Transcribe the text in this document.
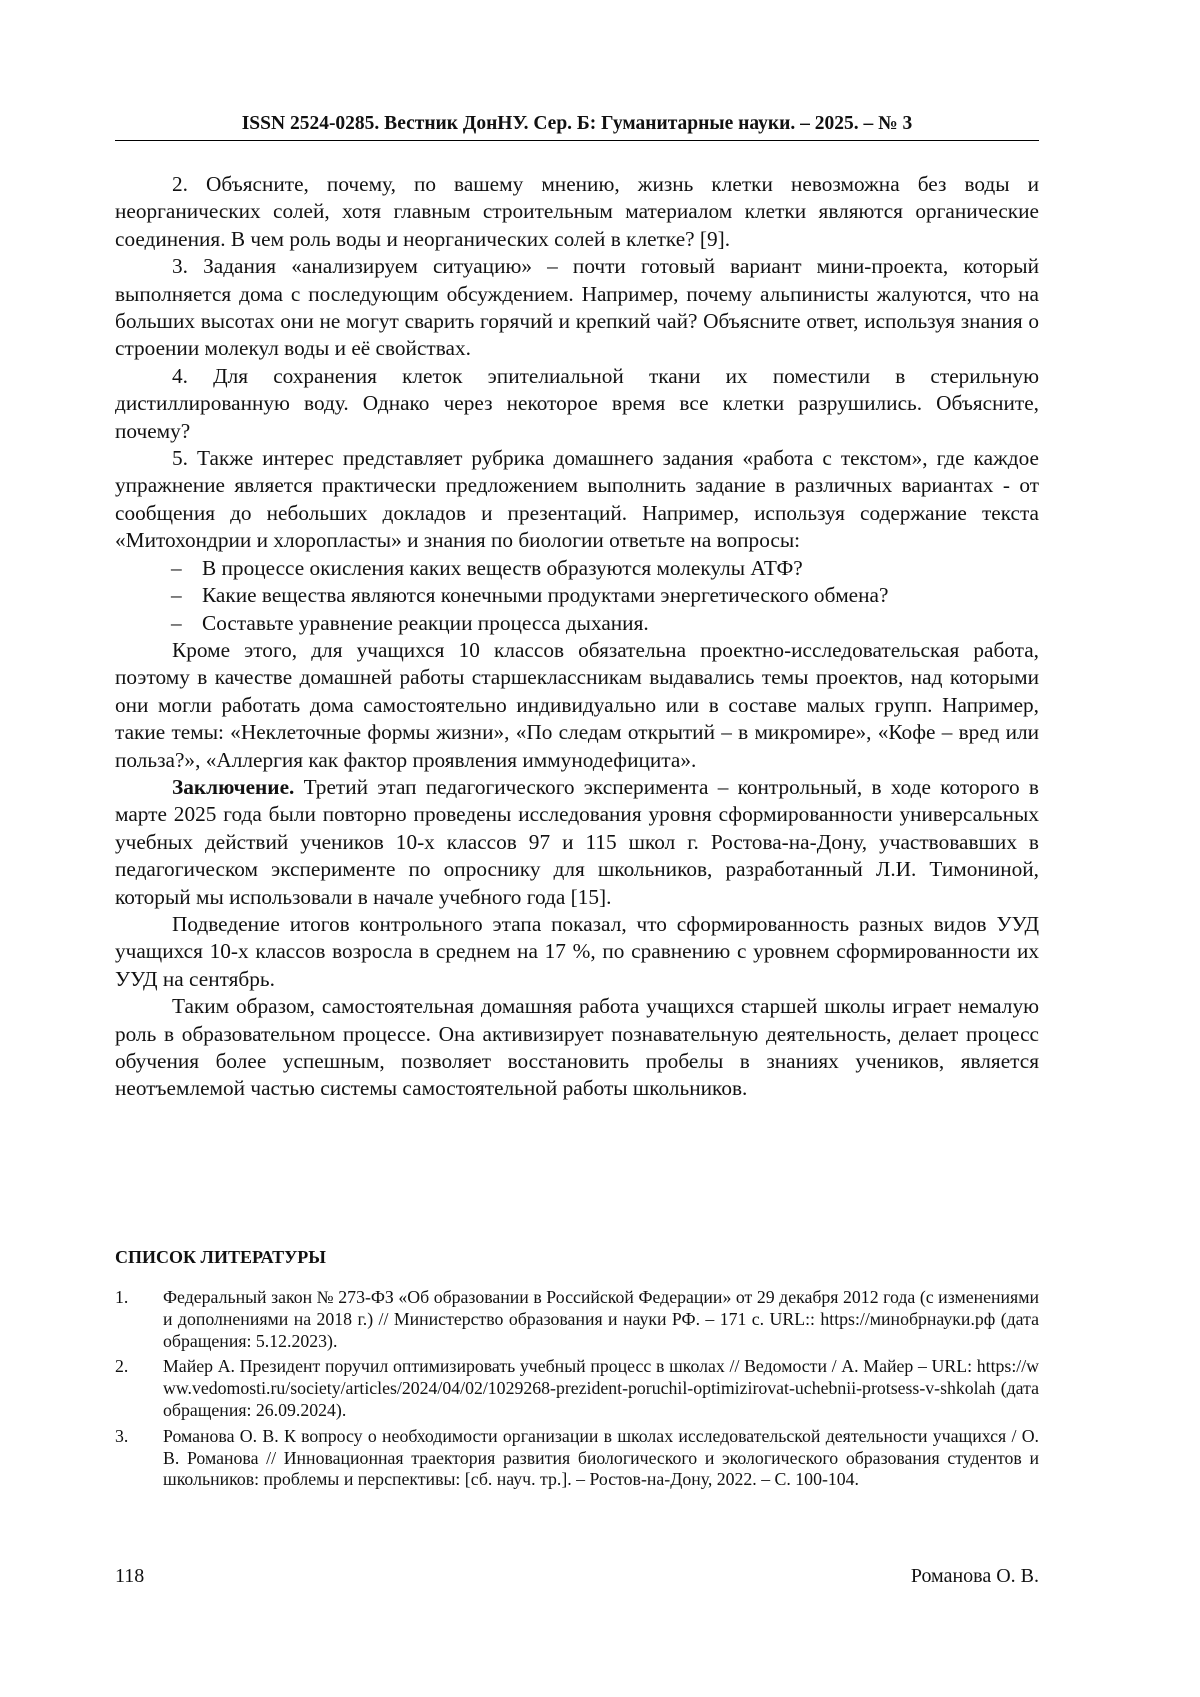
ISSN 2524-0285. Вестник ДонНУ. Сер. Б: Гуманитарные науки. – 2025. – № 3

2. Объясните, почему, по вашему мнению, жизнь клетки невозможна без воды и неорганических солей, хотя главным строительным материалом клетки являются органические соединения. В чем роль воды и неорганических солей в клетке? [9].

3. Задания «анализируем ситуацию» – почти готовый вариант мини-проекта, который выполняется дома с последующим обсуждением. Например, почему альпинисты жалуются, что на больших высотах они не могут сварить горячий и крепкий чай? Объясните ответ, используя знания о строении молекул воды и её свойствах.

4. Для сохранения клеток эпителиальной ткани их поместили в стерильную дистиллированную воду. Однако через некоторое время все клетки разрушились. Объясните, почему?

5. Также интерес представляет рубрика домашнего задания «работа с текстом», где каждое упражнение является практически предложением выполнить задание в различных вариантах - от сообщения до небольших докладов и презентаций. Например, используя содержание текста «Митохондрии и хлоропласты» и знания по биологии ответьте на вопросы:

– В процессе окисления каких веществ образуются молекулы АТФ?
– Какие вещества являются конечными продуктами энергетического обмена?
– Составьте уравнение реакции процесса дыхания.

Кроме этого, для учащихся 10 классов обязательна проектно-исследовательская работа, поэтому в качестве домашней работы старшеклассникам выдавались темы проектов, над которыми они могли работать дома самостоятельно индивидуально или в составе малых групп. Например, такие темы: «Неклеточные формы жизни», «По следам открытий – в микромире», «Кофе – вред или польза?», «Аллергия как фактор проявления иммунодефицита».

Заключение. Третий этап педагогического эксперимента – контрольный, в ходе которого в марте 2025 года были повторно проведены исследования уровня сформированности универсальных учебных действий учеников 10-х классов 97 и 115 школ г. Ростова-на-Дону, участвовавших в педагогическом эксперименте по опроснику для школьников, разработанный Л.И. Тимониной, который мы использовали в начале учебного года [15].

Подведение итогов контрольного этапа показал, что сформированность разных видов УУД учащихся 10-х классов возросла в среднем на 17 %, по сравнению с уровнем сформированности их УУД на сентябрь.

Таким образом, самостоятельная домашняя работа учащихся старшей школы играет немалую роль в образовательном процессе. Она активизирует познавательную деятельность, делает процесс обучения более успешным, позволяет восстановить пробелы в знаниях учеников, является неотъемлемой частью системы самостоятельной работы школьников.

СПИСОК ЛИТЕРАТУРЫ
1. Федеральный закон № 273-ФЗ «Об образовании в Российской Федерации» от 29 декабря 2012 года (с изменениями и дополнениями на 2018 г.) // Министерство образования и науки РФ. – 171 с. URL:: https://минобрнауки.рф (дата обращения: 5.12.2023).
2. Майер А. Президент поручил оптимизировать учебный процесс в школах // Ведомости / А. Майер – URL: https://www.vedomosti.ru/society/articles/2024/04/02/1029268-prezident-poruchil-optimizirovat-uchebnii-protsess-v-shkolah (дата обращения: 26.09.2024).
3. Романова О. В. К вопросу о необходимости организации в школах исследовательской деятельности учащихся / О. В. Романова // Инновационная траектория развития биологического и экологического образования студентов и школьников: проблемы и перспективы: [сб. науч. тр.]. – Ростов-на-Дону, 2022. – С. 100-104.
118	Романова О. В.
